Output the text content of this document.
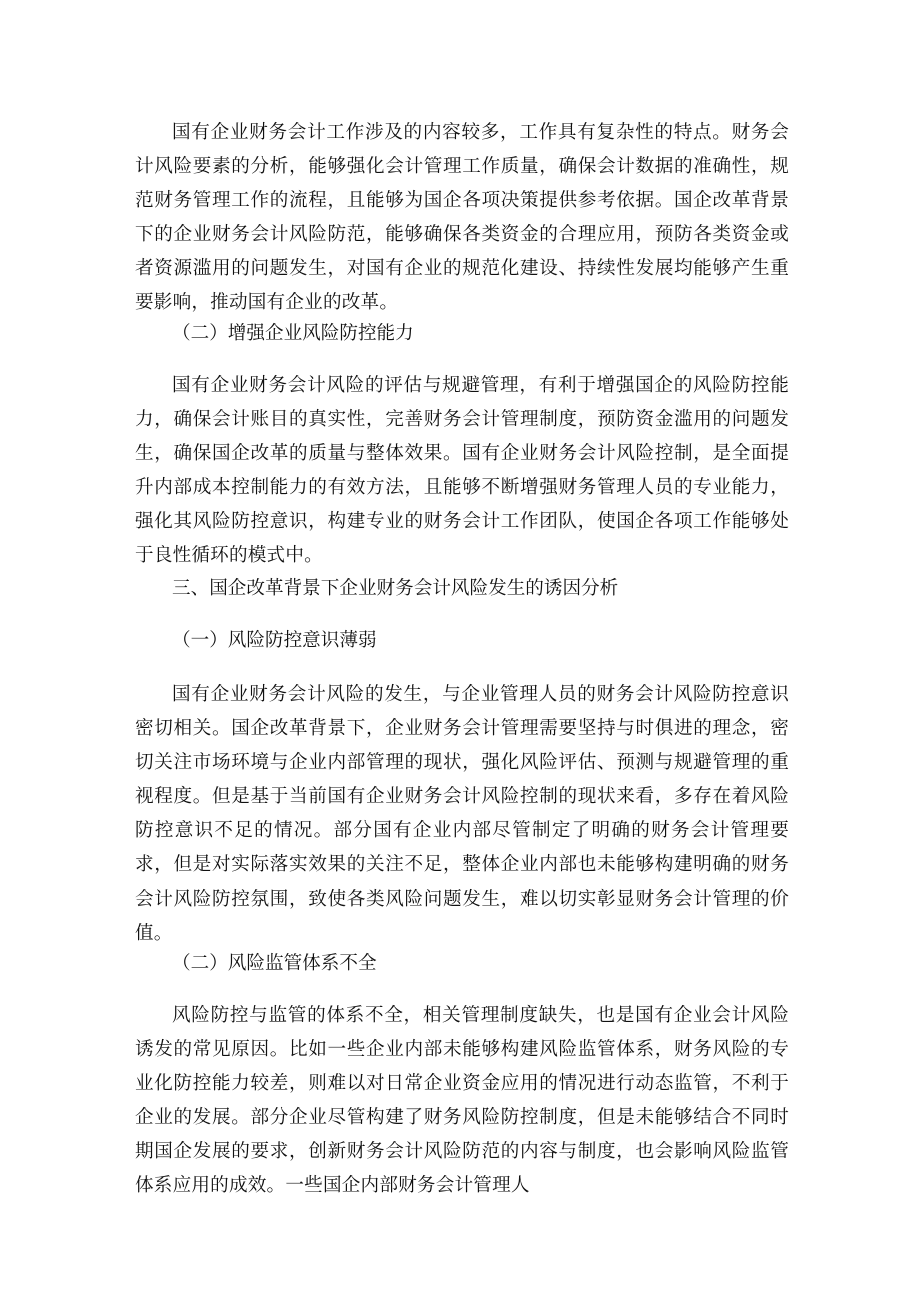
国有企业财务会计工作涉及的内容较多，工作具有复杂性的特点。财务会计风险要素的分析，能够强化会计管理工作质量，确保会计数据的准确性，规范财务管理工作的流程，且能够为国企各项决策提供参考依据。国企改革背景下的企业财务会计风险防范，能够确保各类资金的合理应用，预防各类资金或者资源滥用的问题发生，对国有企业的规范化建设、持续性发展均能够产生重要影响，推动国有企业的改革。

（二）增强企业风险防控能力

国有企业财务会计风险的评估与规避管理，有利于增强国企的风险防控能力，确保会计账目的真实性，完善财务会计管理制度，预防资金滥用的问题发生，确保国企改革的质量与整体效果。国有企业财务会计风险控制，是全面提升内部成本控制能力的有效方法，且能够不断增强财务管理人员的专业能力，强化其风险防控意识，构建专业的财务会计工作团队，使国企各项工作能够处于良性循环的模式中。

三、国企改革背景下企业财务会计风险发生的诱因分析

（一）风险防控意识薄弱

国有企业财务会计风险的发生，与企业管理人员的财务会计风险防控意识密切相关。国企改革背景下，企业财务会计管理需要坚持与时俱进的理念，密切关注市场环境与企业内部管理的现状，强化风险评估、预测与规避管理的重视程度。但是基于当前国有企业财务会计风险控制的现状来看，多存在着风险防控意识不足的情况。部分国有企业内部尽管制定了明确的财务会计管理要求，但是对实际落实效果的关注不足，整体企业内部也未能够构建明确的财务会计风险防控氛围，致使各类风险问题发生，难以切实彰显财务会计管理的价值。

（二）风险监管体系不全

风险防控与监管的体系不全，相关管理制度缺失，也是国有企业会计风险诱发的常见原因。比如一些企业内部未能够构建风险监管体系，财务风险的专业化防控能力较差，则难以对日常企业资金应用的情况进行动态监管，不利于企业的发展。部分企业尽管构建了财务风险防控制度，但是未能够结合不同时期国企发展的要求，创新财务会计风险防范的内容与制度，也会影响风险监管体系应用的成效。一些国企内部财务会计管理人
